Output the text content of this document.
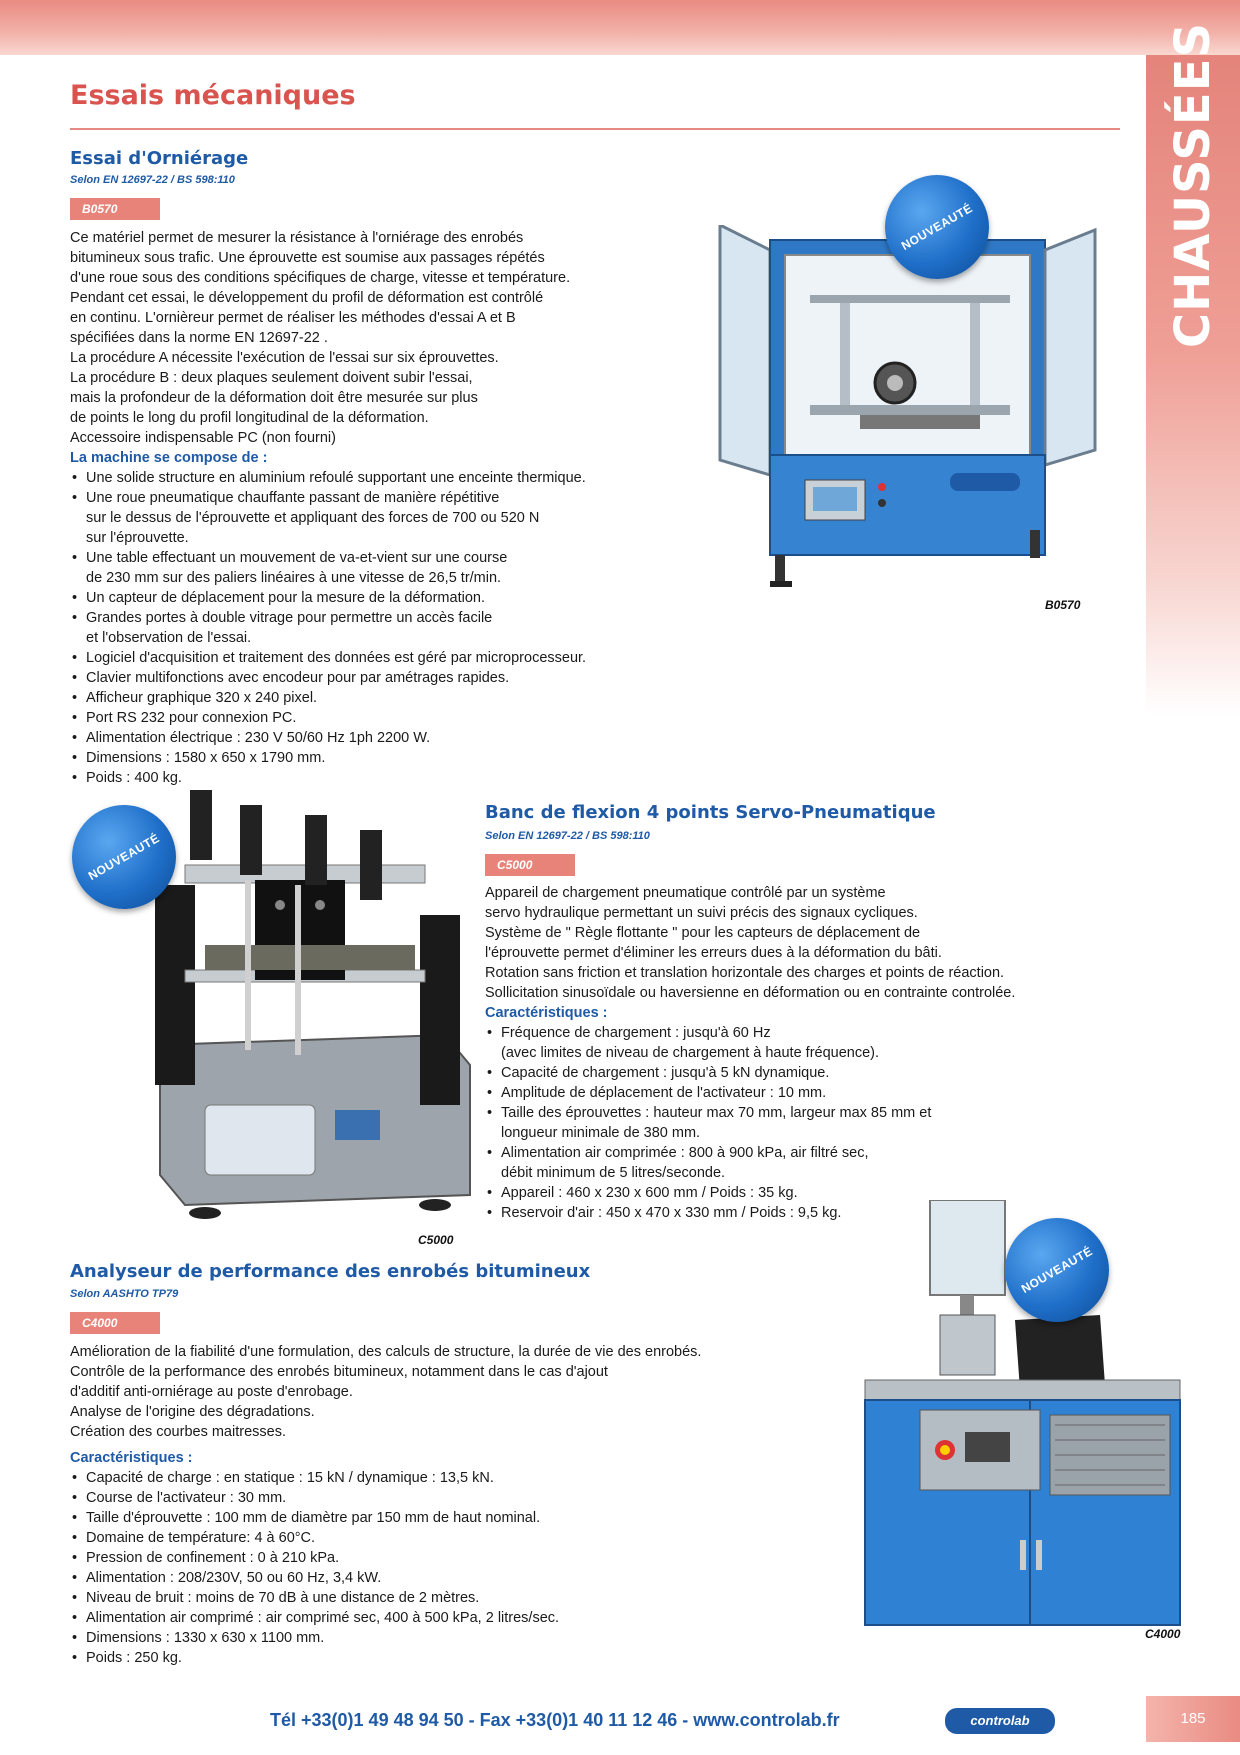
CHAUSSÉES
Essais mécaniques
Essai d'Orniérage
Selon EN 12697-22 / BS 598:110
B0570

Ce matériel permet de mesurer la résistance à l'orniérage des enrobés

bitumineux sous trafic. Une éprouvette est soumise aux passages répétés

d'une roue sous des conditions spécifiques de charge, vitesse et température.

Pendant cet essai, le développement du profil de déformation est contrôlé

en continu. L'ornièreur permet de réaliser les méthodes d'essai A et B

spécifiées dans la norme EN 12697-22 .

La procédure A nécessite l'exécution de l'essai sur six éprouvettes.

La procédure B : deux plaques seulement doivent subir l'essai,

mais la profondeur de la déformation doit être mesurée sur plus

de points le long du profil longitudinal de la déformation.

Accessoire indispensable PC (non fourni)

La machine se compose de :

• Une solide structure en aluminium refoulé supportant une enceinte thermique.
• Une roue pneumatique chauffante passant de manière répétitive
sur le dessus de l'éprouvette et appliquant des forces de 700 ou 520 N
sur l'éprouvette.
• Une table effectuant un mouvement de va-et-vient sur une course
de 230 mm sur des paliers linéaires à une vitesse de 26,5 tr/min.
• Un capteur de déplacement pour la mesure de la déformation.
• Grandes portes à double vitrage pour permettre un accès facile
et l'observation de l'essai.
• Logiciel d'acquisition et traitement des données est géré par microprocesseur.
• Clavier multifonctions avec encodeur pour par amétrages rapides.
• Afficheur graphique 320 x 240 pixel.
• Port RS 232 pour connexion PC.
• Alimentation électrique : 230 V 50/60 Hz 1ph 2200 W.
• Dimensions : 1580 x 650 x 1790 mm.
• Poids : 400 kg.
B0570
NOUVEAUTÉ
Banc de flexion 4 points Servo-Pneumatique
Selon EN 12697-22 / BS 598:110
C5000

Appareil de chargement pneumatique contrôlé par un système

servo hydraulique permettant un suivi précis des signaux cycliques.

Système de " Règle flottante " pour les capteurs de déplacement de

l'éprouvette permet d'éliminer les erreurs dues à la déformation du bâti.

Rotation sans friction et translation horizontale des charges et points de réaction.

Sollicitation sinusoïdale ou haversienne en déformation ou en contrainte controlée.

Caractéristiques :

• Fréquence de chargement : jusqu'à 60 Hz
(avec limites de niveau de chargement à haute fréquence).
• Capacité de chargement : jusqu'à 5 kN dynamique.
• Amplitude de déplacement de l'activateur : 10 mm.
• Taille des éprouvettes : hauteur max 70 mm, largeur max 85 mm et
longueur minimale de 380 mm.
• Alimentation air comprimée : 800 à 900 kPa, air filtré sec,
débit minimum de 5 litres/seconde.
• Appareil : 460 x 230 x 600 mm / Poids : 35 kg.
• Reservoir d'air : 450 x 470 x 330 mm / Poids : 9,5 kg.
C5000
NOUVEAUTÉ
Analyseur de performance des enrobés bitumineux
Selon AASHTO TP79
C4000

Amélioration de la fiabilité d'une formulation, des calculs de structure, la durée de vie des enrobés.

Contrôle de la performance des enrobés bitumineux, notamment dans le cas d'ajout

d'additif anti-orniérage au poste d'enrobage.

Analyse de l'origine des dégradations.

Création des courbes maitresses.

Caractéristiques :

• Capacité de charge : en statique : 15 kN / dynamique : 13,5 kN.
• Course de l'activateur : 30 mm.
• Taille d'éprouvette : 100 mm de diamètre par 150 mm de haut nominal.
• Domaine de température: 4 à 60°C.
• Pression de confinement : 0 à 210 kPa.
• Alimentation : 208/230V, 50 ou 60 Hz, 3,4 kW.
• Niveau de bruit : moins de 70 dB à une distance de 2 mètres.
• Alimentation air comprimé : air comprimé sec, 400 à 500 kPa, 2 litres/sec.
• Dimensions : 1330 x 630 x 1100 mm.
• Poids : 250 kg.
C4000
NOUVEAUTÉ
Tél +33(0)1 49 48 94 50 - Fax +33(0)1 40 11 12 46 - www.controlab.fr	controlab	185
